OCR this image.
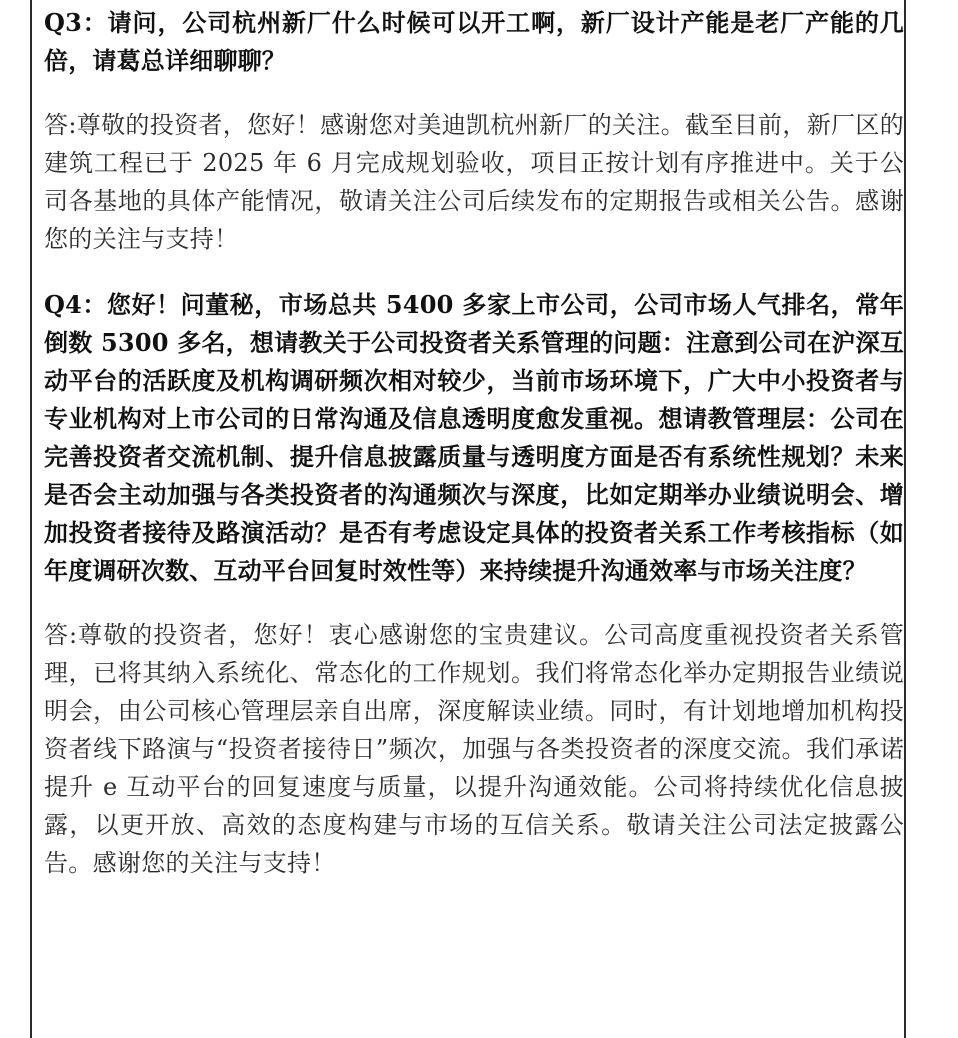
Q3：请问，公司杭州新厂什么时候可以开工啊，新厂设计产能是老厂产能的几倍，请葛总详细聊聊？

答:尊敬的投资者，您好！感谢您对美迪凯杭州新厂的关注。截至目前，新厂区的建筑工程已于 2025 年 6 月完成规划验收，项目正按计划有序推进中。关于公司各基地的具体产能情况，敬请关注公司后续发布的定期报告或相关公告。感谢您的关注与支持！

Q4：您好！问董秘，市场总共 5400 多家上市公司，公司市场人气排名，常年倒数 5300 多名，想请教关于公司投资者关系管理的问题：注意到公司在沪深互动平台的活跃度及机构调研频次相对较少，当前市场环境下，广大中小投资者与专业机构对上市公司的日常沟通及信息透明度愈发重视。想请教管理层：公司在完善投资者交流机制、提升信息披露质量与透明度方面是否有系统性规划？未来是否会主动加强与各类投资者的沟通频次与深度，比如定期举办业绩说明会、增加投资者接待及路演活动？是否有考虑设定具体的投资者关系工作考核指标（如年度调研次数、互动平台回复时效性等）来持续提升沟通效率与市场关注度？

答:尊敬的投资者，您好！衷心感谢您的宝贵建议。公司高度重视投资者关系管理，已将其纳入系统化、常态化的工作规划。我们将常态化举办定期报告业绩说明会，由公司核心管理层亲自出席，深度解读业绩。同时，有计划地增加机构投资者线下路演与“投资者接待日”频次，加强与各类投资者的深度交流。我们承诺提升 e 互动平台的回复速度与质量，以提升沟通效能。公司将持续优化信息披露，以更开放、高效的态度构建与市场的互信关系。敬请关注公司法定披露公告。感谢您的关注与支持！
